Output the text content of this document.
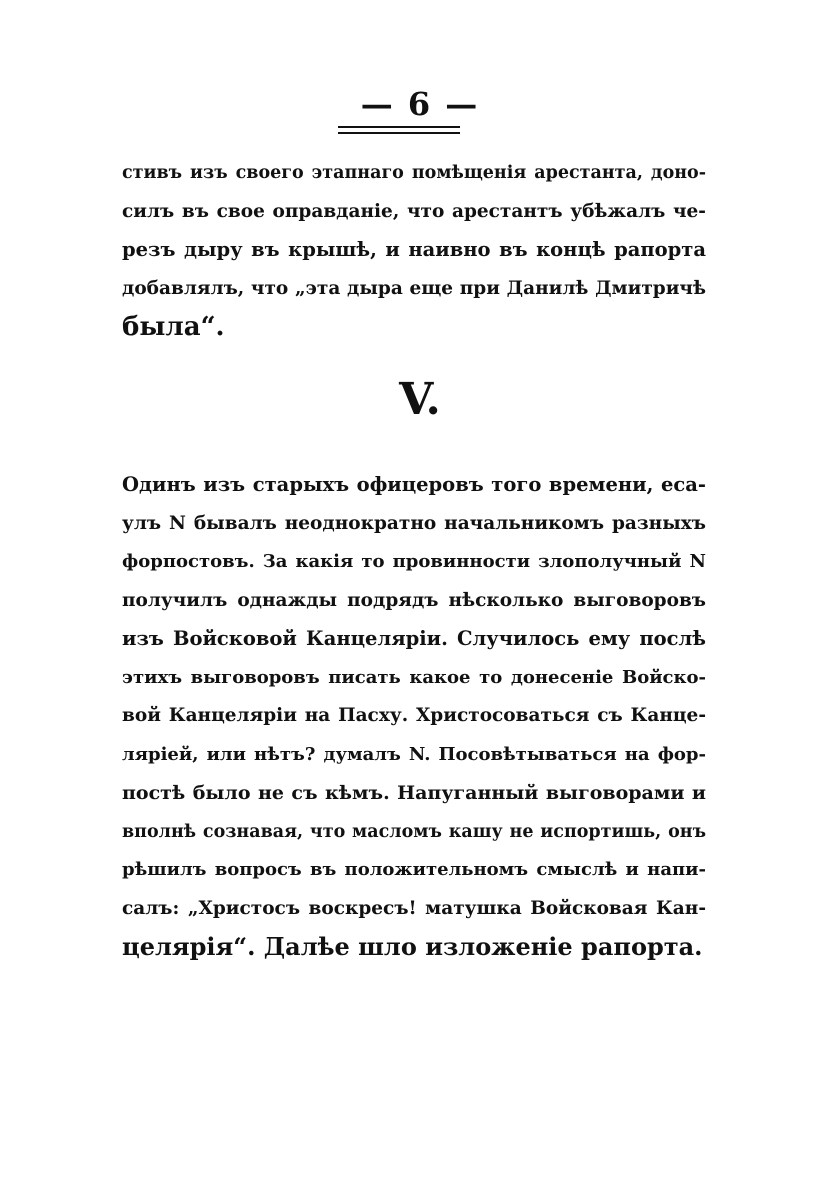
— 6 —

стивъ изъ своего этапнаго помѣщенія арестанта, доно-
силъ въ свое оправданіе, что арестантъ убѣжалъ че-
резъ дыру въ крышѣ, и наивно въ концѣ рапорта
добавлялъ, что „эта дыра еще при Данилѣ Дмитричѣ
была“.

V.

Одинъ изъ старыхъ офицеровъ того времени, еса-
улъ N бывалъ неоднократно начальникомъ разныхъ
форпостовъ. За какія то провинности злополучный N
получилъ однажды подрядъ нѣсколько выговоровъ
изъ Войсковой Канцеляріи. Случилось ему послѣ
этихъ выговоровъ писать какое то донесеніе Войско-
вой Канцеляріи на Пасху. Христосоваться съ Канце-
ляріей, или нѣтъ? думалъ N. Посовѣтываться на фор-
постѣ было не съ кѣмъ. Напуганный выговорами и
вполнѣ сознавая, что масломъ кашу не испортишь, онъ
рѣшилъ вопросъ въ положительномъ смыслѣ и напи-
салъ: „Христосъ воскресъ! матушка Войсковая Кан-
целярія“. Далѣе шло изложеніе рапорта.
